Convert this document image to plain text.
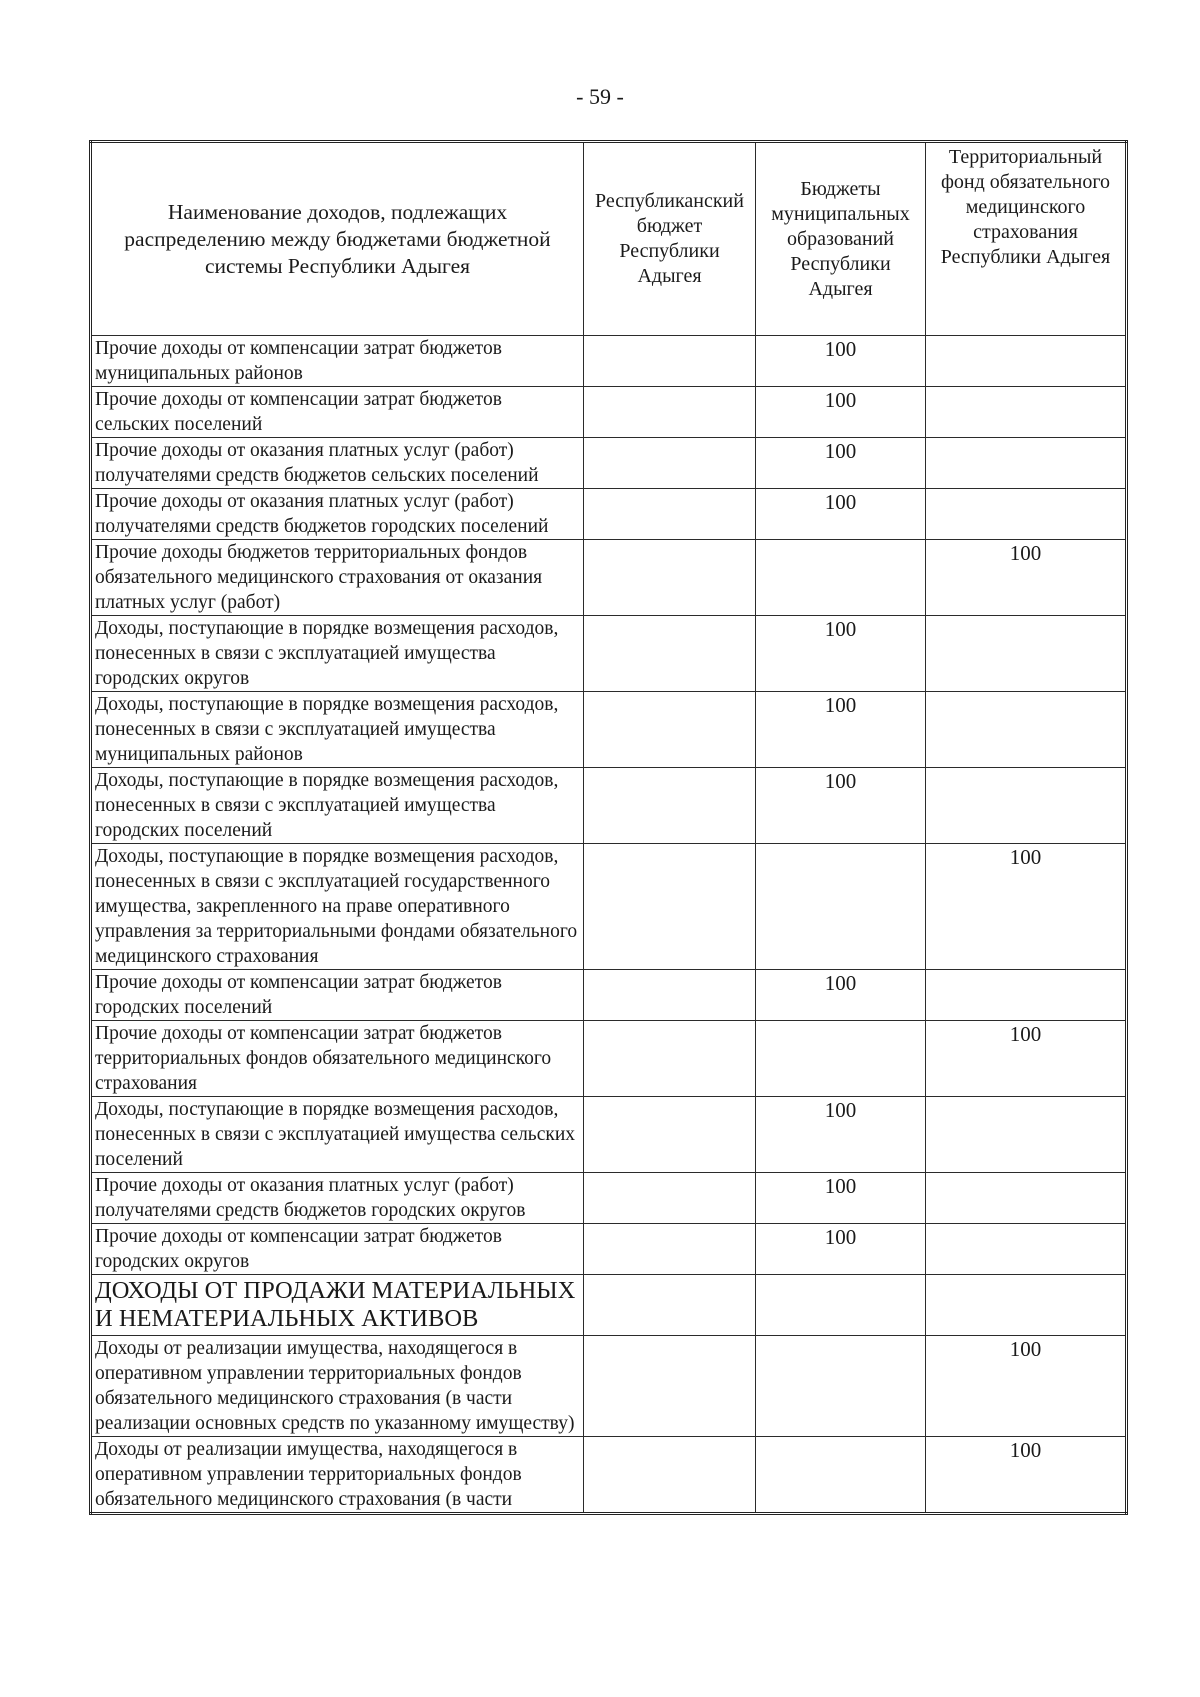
- 59 -
Наименование доходов, подлежащих распределению между бюджетами бюджетной системы Республики Адыгея	Республиканский бюджет Республики Адыгея	Бюджеты муниципальных образований Республики Адыгея	Территориальный фонд обязательного медицинского страхования Республики Адыгея
Прочие доходы от компенсации затрат бюджетов муниципальных районов		100	
Прочие доходы от компенсации затрат бюджетов сельских поселений		100	
Прочие доходы от оказания платных услуг (работ) получателями средств бюджетов сельских поселений		100	
Прочие доходы от оказания платных услуг (работ) получателями средств бюджетов городских поселений		100	
Прочие доходы бюджетов территориальных фондов обязательного медицинского страхования от оказания платных услуг (работ)			100
Доходы, поступающие в порядке возмещения расходов, понесенных в связи с эксплуатацией имущества городских округов		100	
Доходы, поступающие в порядке возмещения расходов, понесенных в связи с эксплуатацией имущества муниципальных районов		100	
Доходы, поступающие в порядке возмещения расходов, понесенных в связи с эксплуатацией имущества городских поселений		100	
Доходы, поступающие в порядке возмещения расходов, понесенных в связи с эксплуатацией государственного имущества, закрепленного на праве оперативного управления за территориальными фондами обязательного медицинского страхования			100
Прочие доходы от компенсации затрат бюджетов городских поселений		100	
Прочие доходы от компенсации затрат бюджетов территориальных фондов обязательного медицинского страхования			100
Доходы, поступающие в порядке возмещения расходов, понесенных в связи с эксплуатацией имущества сельских поселений		100	
Прочие доходы от оказания платных услуг (работ) получателями средств бюджетов городских округов		100	
Прочие доходы от компенсации затрат бюджетов городских округов		100	
ДОХОДЫ ОТ ПРОДАЖИ МАТЕРИАЛЬНЫХ И НЕМАТЕРИАЛЬНЫХ АКТИВОВ			
Доходы от реализации имущества, находящегося в оперативном управлении территориальных фондов обязательного медицинского страхования (в части реализации основных средств по указанному имуществу)			100
Доходы от реализации имущества, находящегося в оперативном управлении территориальных фондов обязательного медицинского страхования (в части			100
